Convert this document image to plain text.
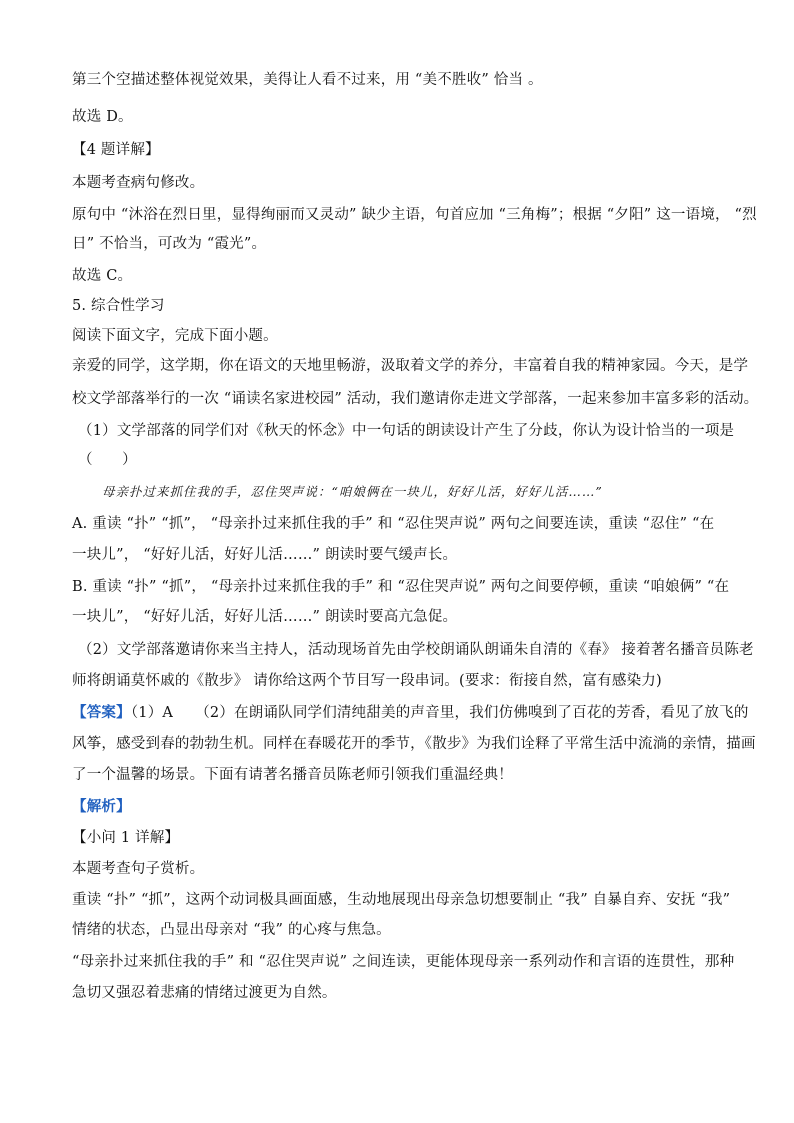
第三个空描述整体视觉效果，美得让人看不过来，用 “美不胜收” 恰当 。
故选 D。
【4 题详解】
本题考查病句修改。
原句中 “沐浴在烈日里，显得绚丽而又灵动” 缺少主语，句首应加 “三角梅”；根据 “夕阳” 这一语境， “烈
日” 不恰当，可改为 “霞光”。
故选 C。
5. 综合性学习
阅读下面文字，完成下面小题。
亲爱的同学，这学期，你在语文的天地里畅游，汲取着文学的养分，丰富着自我的精神家园。今天，是学
校文学部落举行的一次 “诵读名家进校园” 活动，我们邀请你走进文学部落，一起来参加丰富多彩的活动。
（1）文学部落的同学们对《秋天的怀念》中一句话的朗读设计产生了分歧，你认为设计恰当的一项是
（　　）
母亲扑过来抓住我的手，忍住哭声说：“咱娘俩在一块儿，好好儿活，好好儿活……”
A. 重读 “扑” “抓”， “母亲扑过来抓住我的手” 和 “忍住哭声说” 两句之间要连读，重读 “忍住” “在
一块儿”， “好好儿活，好好儿活……” 朗读时要气缓声长。
B. 重读 “扑” “抓”， “母亲扑过来抓住我的手” 和 “忍住哭声说” 两句之间要停顿，重读 “咱娘俩” “在
一块儿”， “好好儿活，好好儿活……” 朗读时要高亢急促。
（2）文学部落邀请你来当主持人，活动现场首先由学校朗诵队朗诵朱自清的《春》 接着著名播音员陈老
师将朗诵莫怀戚的《散步》 请你给这两个节目写一段串词。(要求：衔接自然，富有感染力)
【答案】（1）A　　（2）在朗诵队同学们清纯甜美的声音里，我们仿佛嗅到了百花的芳香，看见了放飞的
风筝，感受到春的勃勃生机。同样在春暖花开的季节，《散步》为我们诠释了平常生活中流淌的亲情，描画
了一个温馨的场景。下面有请著名播音员陈老师引领我们重温经典！
【解析】
【小问 1 详解】
本题考查句子赏析。
重读 “扑” “抓”，这两个动词极具画面感，生动地展现出母亲急切想要制止 “我” 自暴自弃、安抚 “我”
情绪的状态，凸显出母亲对 “我” 的心疼与焦急。
“母亲扑过来抓住我的手” 和 “忍住哭声说” 之间连读，更能体现母亲一系列动作和言语的连贯性，那种
急切又强忍着悲痛的情绪过渡更为自然。
